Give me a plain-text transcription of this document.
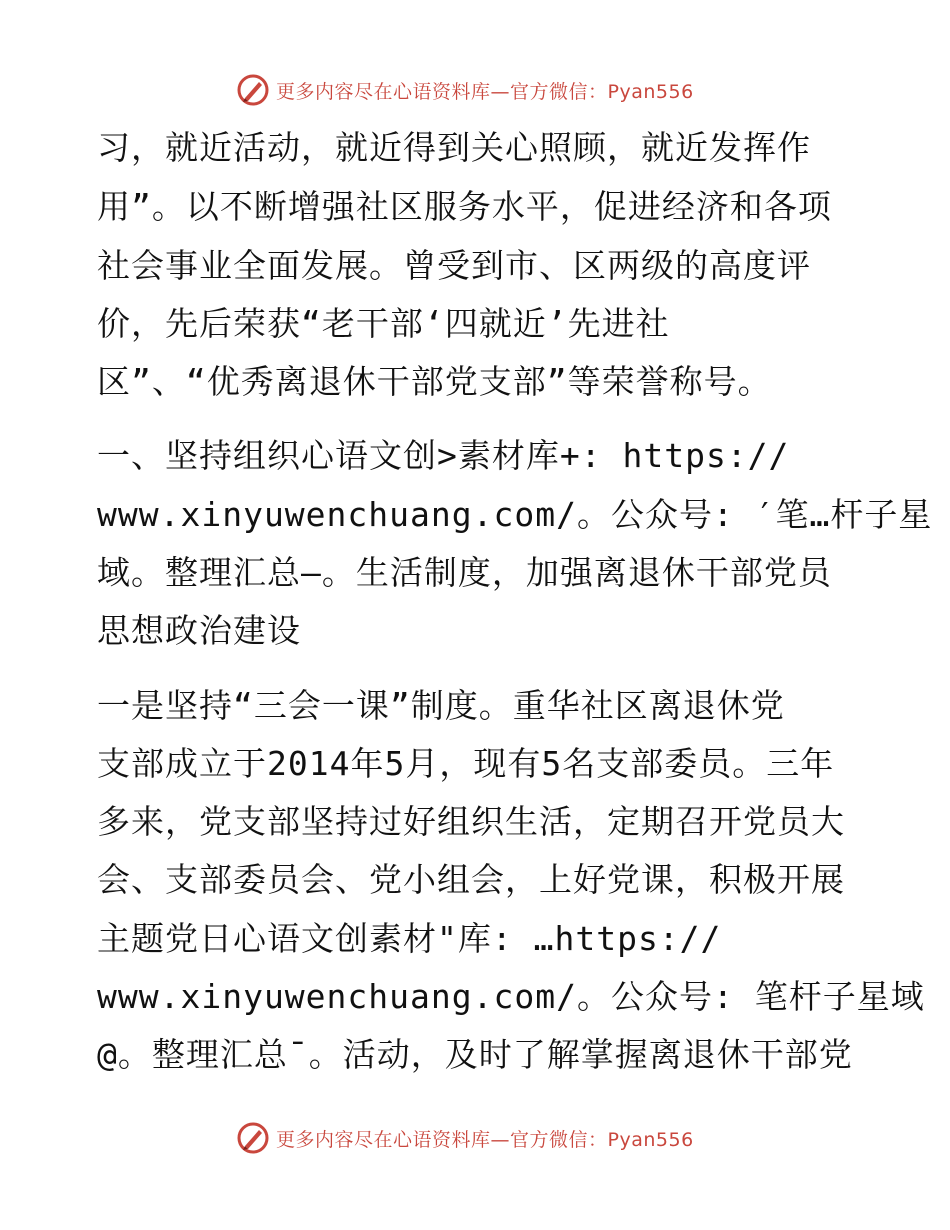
更多内容尽在心语资料库—官方微信：Pyan556
习，就近活动，就近得到关心照顾，就近发挥作
用”。以不断增强社区服务水平，促进经济和各项
社会事业全面发展。曾受到市、区两级的高度评
价，先后荣获“老干部‘四就近’先进社
区”、“优秀离退休干部党支部”等荣誉称号。
一、坚持组织心语文创>素材库+: https://
www.xinyuwenchuang.com/。公众号: ′笔…杆子星
域。整理汇总—。生活制度，加强离退休干部党员
思想政治建设
一是坚持“三会一课”制度。重华社区离退休党
支部成立于2014年5月，现有5名支部委员。三年
多来，党支部坚持过好组织生活，定期召开党员大
会、支部委员会、党小组会，上好党课，积极开展
主题党日心语文创素材"库: …https://
www.xinyuwenchuang.com/。公众号: 笔杆子星域
@。整理汇总¯。活动，及时了解掌握离退休干部党
更多内容尽在心语资料库—官方微信：Pyan556
